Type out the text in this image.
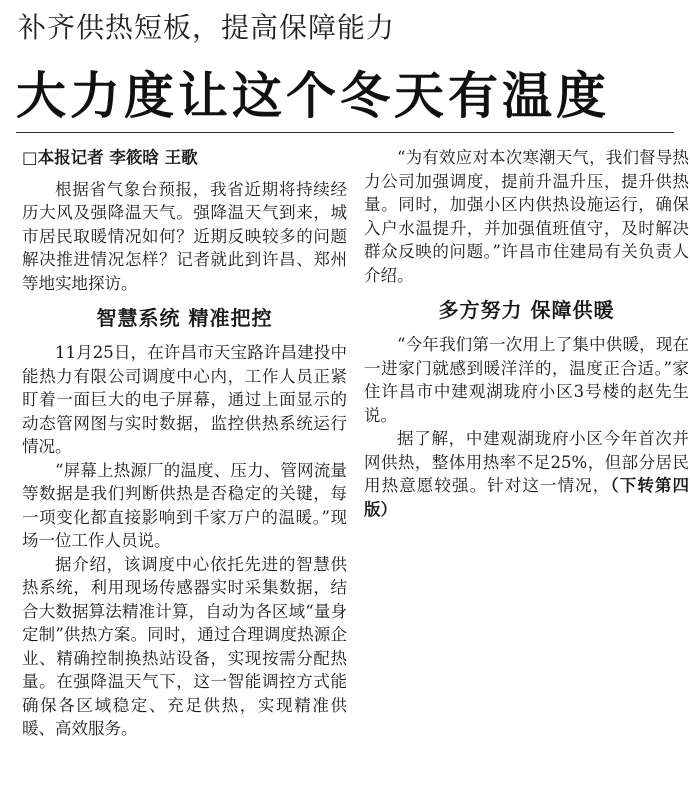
补齐供热短板，提高保障能力
大力度让这个冬天有温度
□本报记者 李筱晗 王歌

根据省气象台预报，我省近期将持续经历大风及强降温天气。强降温天气到来，城市居民取暖情况如何？近期反映较多的问题解决推进情况怎样？记者就此到许昌、郑州等地实地探访。

智慧系统 精准把控

11月25日，在许昌市天宝路许昌建投中能热力有限公司调度中心内，工作人员正紧盯着一面巨大的电子屏幕，通过上面显示的动态管网图与实时数据，监控供热系统运行情况。

“屏幕上热源厂的温度、压力、管网流量等数据是我们判断供热是否稳定的关键，每一项变化都直接影响到千家万户的温暖。”现场一位工作人员说。

据介绍，该调度中心依托先进的智慧供热系统，利用现场传感器实时采集数据，结合大数据算法精准计算，自动为各区域“量身定制”供热方案。同时，通过合理调度热源企业、精确控制换热站设备，实现按需分配热量。在强降温天气下，这一智能调控方式能确保各区域稳定、充足供热，实现精准供暖、高效服务。

“为有效应对本次寒潮天气，我们督导热力公司加强调度，提前升温升压，提升供热量。同时，加强小区内供热设施运行，确保入户水温提升，并加强值班值守，及时解决群众反映的问题。”许昌市住建局有关负责人介绍。

多方努力 保障供暖

“今年我们第一次用上了集中供暖，现在一进家门就感到暖洋洋的，温度正合适。”家住许昌市中建观湖珑府小区3号楼的赵先生说。

据了解，中建观湖珑府小区今年首次并网供热，整体用热率不足25%，但部分居民用热意愿较强。针对这一情况，（下转第四版）
